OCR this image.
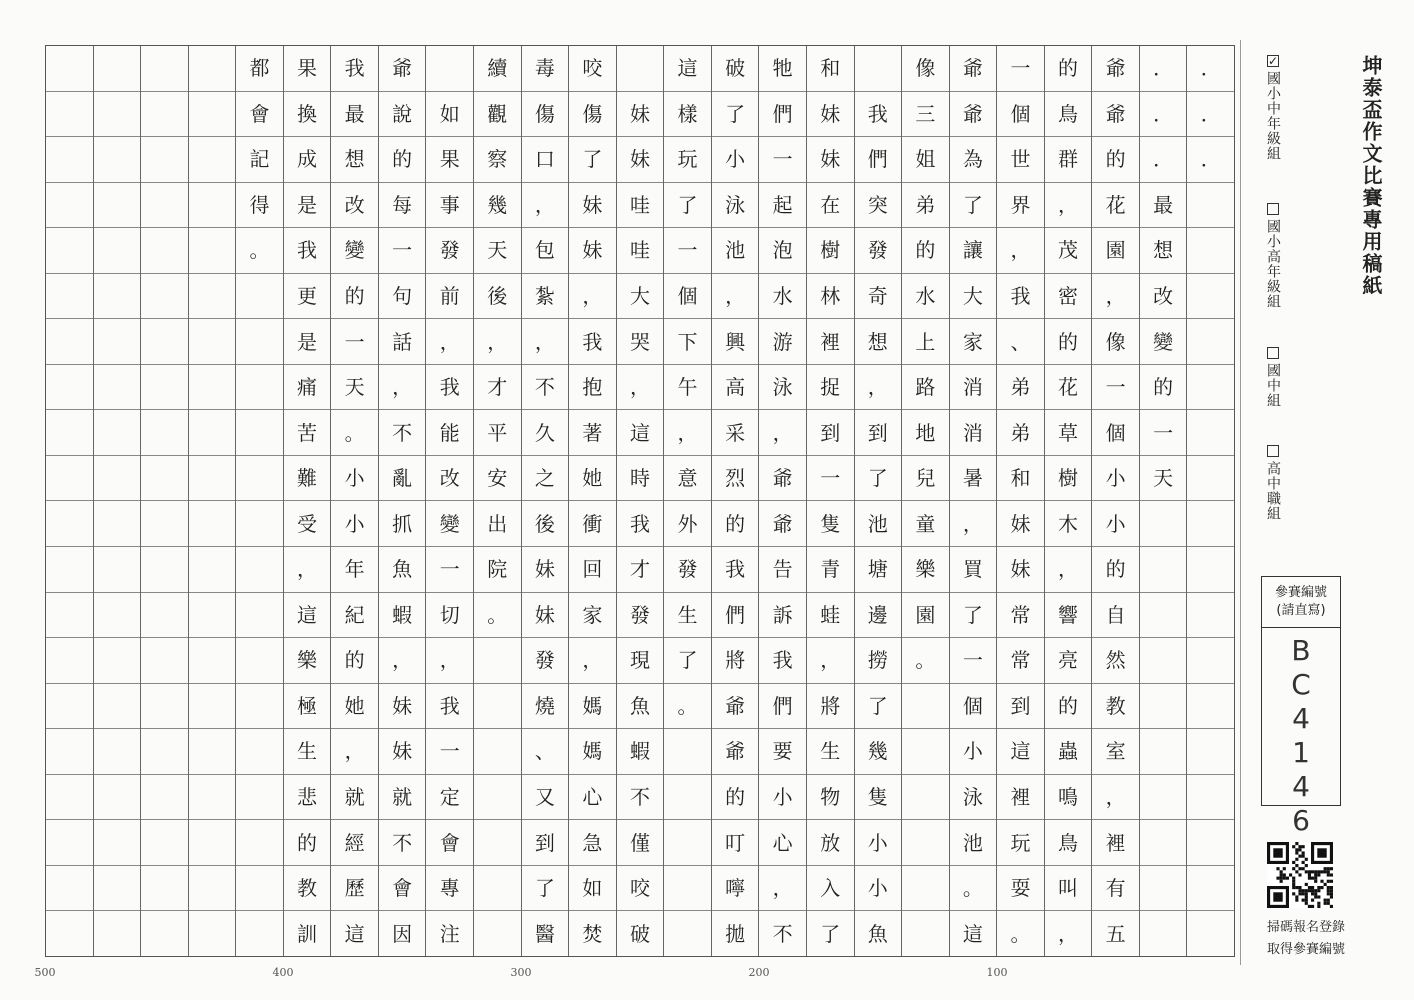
．
．
．
．
．
．
最
想
改
變
的
一
天
爺
爺
的
花
園
，
像
一
個
小
小
的
自
然
教
室
，
裡
有
五
的
鳥
群
，
茂
密
的
花
草
樹
木
，
響
亮
的
蟲
鳴
鳥
叫
，
一
個
世
界
，
我
、
弟
弟
和
妹
妹
常
常
到
這
裡
玩
耍
。
爺
爺
為
了
讓
大
家
消
消
暑
，
買
了
一
個
小
泳
池
。
這
像
三
姐
弟
的
水
上
路
地
兒
童
樂
園
。
我
們
突
發
奇
想
，
到
了
池
塘
邊
撈
了
幾
隻
小
小
魚
和
妹
妹
在
樹
林
裡
捉
到
一
隻
青
蛙
，
將
生
物
放
入
了
牠
們
一
起
泡
水
游
泳
，
爺
爺
告
訴
我
們
要
小
心
，
不
破
了
小
泳
池
，
興
高
采
烈
的
我
們
將
爺
爺
的
叮
嚀
拋
這
樣
玩
了
一
個
下
午
，
意
外
發
生
了
。
妹
妹
哇
哇
大
哭
，
這
時
我
才
發
現
魚
蝦
不
僅
咬
破
咬
傷
了
妹
妹
，
我
抱
著
她
衝
回
家
，
媽
媽
心
急
如
焚
毒
傷
口
，
包
紮
，
不
久
之
後
妹
妹
發
燒
、
又
到
了
醫
續
觀
察
幾
天
後
，
才
平
安
出
院
。
如
果
事
發
前
，
我
能
改
變
一
切
，
我
一
定
會
專
注
爺
說
的
每
一
句
話
，
不
亂
抓
魚
蝦
，
妹
妹
就
不
會
因
我
最
想
改
變
的
一
天
。
小
小
年
紀
的
她
，
就
經
歷
這
果
換
成
是
我
更
是
痛
苦
難
受
，
這
樂
極
生
悲
的
教
訓
都
會
記
得
。
100
200
300
400
500
坤泰盃作文比賽專用稿紙
✓
國小中年級組
國小高年級組
國中組
高中職組
參賽編號
(請直寫)
B
C
4
1
4
6
掃碼報名登錄
取得參賽編號
